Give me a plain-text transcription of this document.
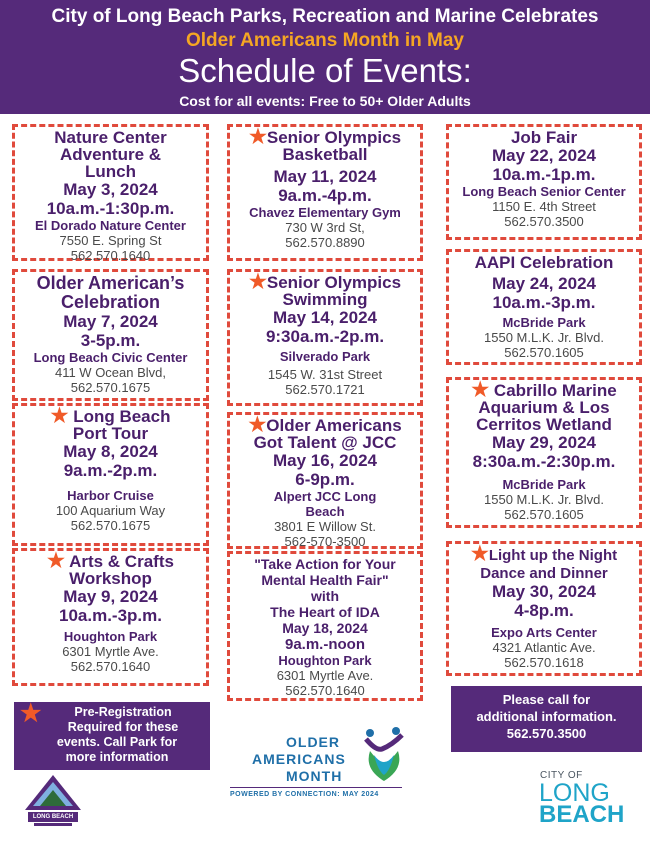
City of Long Beach Parks, Recreation and Marine Celebrates
Older Americans Month in May
Schedule of Events:
Cost for all events: Free to 50+ Older Adults
Nature Center
Adventure &
Lunch
May 3, 2024
10a.m.-1:30p.m.
El Dorado Nature Center
7550 E. Spring St
562.570.1640
Older American’s
Celebration
May 7, 2024
3-5p.m.
Long Beach Civic Center
411 W Ocean Blvd,
562.570.1675
★ Long Beach
Port Tour
May 8, 2024
9a.m.-2p.m.
Harbor Cruise
100 Aquarium Way
562.570.1675
★ Arts & Crafts
Workshop
May 9, 2024
10a.m.-3p.m.
Houghton Park
6301 Myrtle Ave.
562.570.1640
★Senior Olympics
Basketball
May 11, 2024
9a.m.-4p.m.
Chavez Elementary Gym
730 W 3rd St,
562.570.8890
★Senior Olympics
Swimming
May 14, 2024
9:30a.m.-2p.m.
Silverado Park
1545 W. 31st Street
562.570.1721
★Older Americans
Got Talent @ JCC
May 16, 2024
6-9p.m.
Alpert JCC Long
Beach
3801 E Willow St.
562-570-3500
"Take Action for Your
Mental Health Fair"
with
The Heart of IDA
May 18, 2024
9a.m.-noon
Houghton Park
6301 Myrtle Ave.
562.570.1640
Job Fair
May 22, 2024
10a.m.-1p.m.
Long Beach Senior Center
1150 E. 4th Street
562.570.3500
AAPI Celebration
May 24, 2024
10a.m.-3p.m.
McBride Park
1550 M.L.K. Jr. Blvd.
562.570.1605
★ Cabrillo Marine
Aquarium & Los
Cerritos Wetland
May 29, 2024
8:30a.m.-2:30p.m.
McBride Park
1550 M.L.K. Jr. Blvd.
562.570.1605
★Light up the Night
Dance and Dinner
May 30, 2024
4-8p.m.
Expo Arts Center
4321 Atlantic Ave.
562.570.1618
★	Pre-Registration
Required for these
events. Call Park for
more information
Please call for
additional information.
562.570.3500
LONG BEACH
OLDER
AMERICANS
MONTH
POWERED BY CONNECTION: MAY 2024
CITY OF
LONG
BEACH
